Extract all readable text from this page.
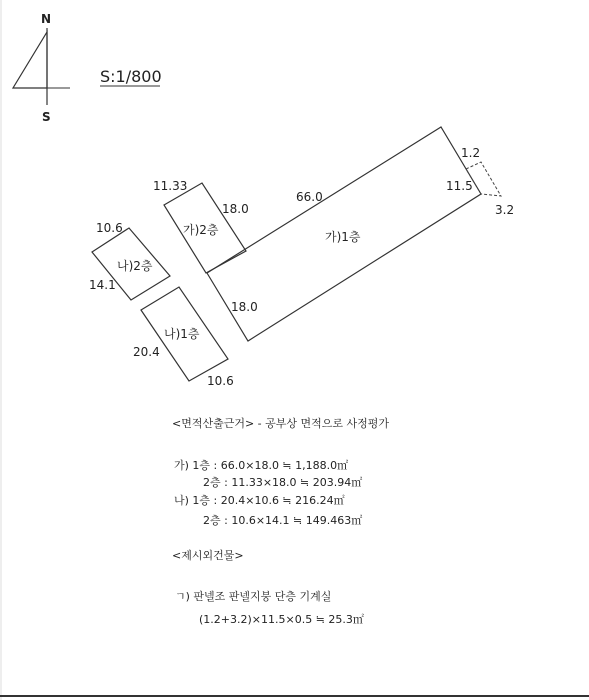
N
S
S:1/800
가)1층
가)2층
나)2층
나)1층
66.0
18.0
11.33
18.0
10.6
14.1
20.4
10.6
1.2
11.5
3.2
<면적산출근거> - 공부상 면적으로 사정평가
가) 1층 : 66.0×18.0 ≒ 1,188.0㎡
2층 : 11.33×18.0 ≒ 203.94㎡
나) 1층 : 20.4×10.6 ≒ 216.24㎡
2층 : 10.6×14.1 ≒ 149.463㎡
<제시외건물>
ㄱ) 판넬조 판넬지붕 단층 기계실
(1.2+3.2)×11.5×0.5 ≒ 25.3㎡
